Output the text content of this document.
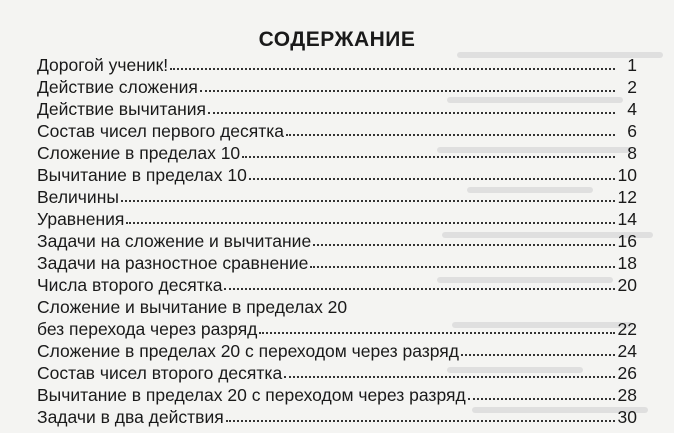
СОДЕРЖАНИЕ
Дорогой ученик!	1
Действие сложения	2
Действие вычитания	4
Состав чисел первого десятка	6
Сложение в пределах 10	8
Вычитание в пределах 10	10
Величины	12
Уравнения	14
Задачи на сложение и вычитание	16
Задачи на разностное сравнение	18
Числа второго десятка	20
Сложение и вычитание в пределах 20
без перехода через разряд	22
Сложение в пределах 20 с переходом через разряд	24
Состав чисел второго десятка	26
Вычитание в пределах 20 с переходом через разряд	28
Задачи в два действия	30
